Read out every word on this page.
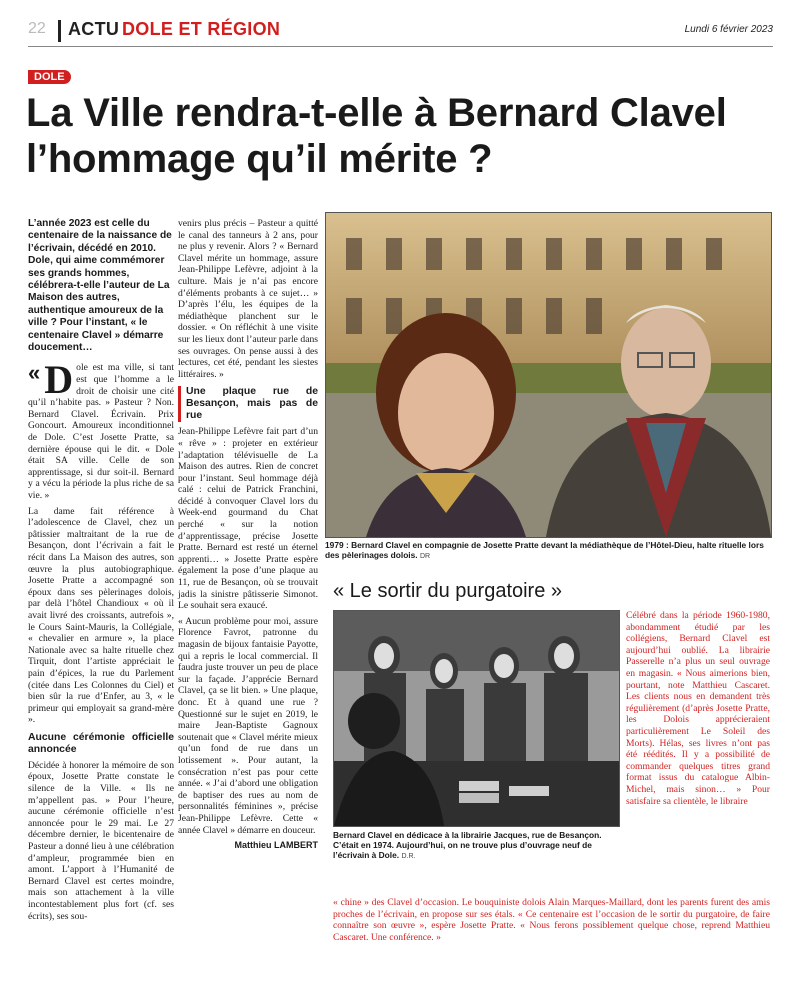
22 ACTU DOLE ET RÉGION	Lundi 6 février 2023
DOLE
La Ville rendra-t-elle à Bernard Clavel l’hommage qu’il mérite ?

L’année 2023 est celle du centenaire de la naissance de l’écrivain, décédé en 2010. Dole, qui aime commémorer ses grands hommes, célébrera-t-elle l’auteur de La Maison des autres, authentique amoureux de la ville ? Pour l’instant, « le centenaire Clavel » démarre doucement…

« D ole est ma ville, si tant est que l’homme a le droit de choisir une cité qu’il n’habite pas. » Pasteur ? Non. Bernard Clavel. Écrivain. Prix Goncourt. Amoureux inconditionnel de Dole. C’est Josette Pratte, sa dernière épouse qui le dit. « Dole était SA ville. Celle de son apprentissage, si dur soit-il. Bernard y a vécu la période la plus riche de sa vie. »

La dame fait référence à l’adolescence de Clavel, chez un pâtissier maltraitant de la rue de Besançon, dont l’écrivain a fait le récit dans La Maison des autres, son œuvre la plus autobiographique. Josette Pratte a accompagné son époux dans ses pèlerinages dolois, par delà l’hôtel Chandioux « où il avait livré des croissants, autrefois », le Cours Saint-Mauris, la Collégiale, « chevalier en armure », la place Nationale avec sa halte rituelle chez Tirquit, dont l’artiste appréciait le pain d’épices, la rue du Parlement (citée dans Les Colonnes du Ciel) et bien sûr la rue d’Enfer, au 3, « le primeur qui employait sa grand-mère ».

Aucune cérémonie officielle annoncée

Décidée à honorer la mémoire de son époux, Josette Pratte constate le silence de la Ville. « Ils ne m’appellent pas. » Pour l’heure, aucune cérémonie officielle n’est annoncée pour le 29 mai. Le 27 décembre dernier, le bicentenaire de Pasteur a donné lieu à une célébration d’ampleur, programmée bien en amont. L’apport à l’Humanité de Bernard Clavel est certes moindre, mais son attachement à la ville incontestablement plus fort (cf. ses écrits), ses sou-

venirs plus précis – Pasteur a quitté le canal des tanneurs à 2 ans, pour ne plus y revenir. Alors ? « Bernard Clavel mérite un hommage, assure Jean-Philippe Lefèvre, adjoint à la culture. Mais je n’ai pas encore d’éléments probants à ce sujet… » D’après l’élu, les équipes de la médiathèque planchent sur le dossier. « On réfléchit à une visite sur les lieux dont l’auteur parle dans ses ouvrages. On pense aussi à des lectures, cet été, pendant les siestes littéraires. »

Une plaque rue de Besançon, mais pas de rue

Jean-Philippe Lefèvre fait part d’un « rêve » : projeter en extérieur l’adaptation télévisuelle de La Maison des autres. Rien de concret pour l’instant. Seul hommage déjà calé : celui de Patrick Franchini, décidé à convoquer Clavel lors du Week-end gourmand du Chat perché « sur la notion d’apprentissage, précise Josette Pratte. Bernard est resté un éternel apprenti… » Josette Pratte espère également la pose d’une plaque au 11, rue de Besançon, où se trouvait jadis la sinistre pâtisserie Simonot. Le souhait sera exaucé.

« Aucun problème pour moi, assure Florence Favrot, patronne du magasin de bijoux fantaisie Payotte, qui a repris le local commercial. Il faudra juste trouver un peu de place sur la façade. J’apprécie Bernard Clavel, ça se lit bien. » Une plaque, donc. Et à quand une rue ? Questionné sur le sujet en 2019, le maire Jean-Baptiste Gagnoux soutenait que « Clavel mérite mieux qu’un fond de rue dans un lotissement ». Pour autant, la consécration n’est pas pour cette année. « J’ai d’abord une obligation de baptiser des rues au nom de personnalités féminines », précise Jean-Philippe Lefèvre. Cette « année Clavel » démarre en douceur.

Matthieu LAMBERT
1979 : Bernard Clavel en compagnie de Josette Pratte devant la médiathèque de l’Hôtel-Dieu, halte rituelle lors des pèlerinages dolois. DR
« Le sortir du purgatoire »
Bernard Clavel en dédicace à la librairie Jacques, rue de Besançon. C’était en 1974. Aujourd’hui, on ne trouve plus d’ouvrage neuf de l’écrivain à Dole. D.R.

Célébré dans la période 1960-1980, abondamment étudié par les collégiens, Bernard Clavel est aujourd’hui oublié. La librairie Passerelle n’a plus un seul ouvrage en magasin. « Nous aimerions bien, pourtant, note Matthieu Cascaret. Les clients nous en demandent très régulièrement (d’après Josette Pratte, les Dolois apprécieraient particulièrement Le Soleil des Morts). Hélas, ses livres n’ont pas été réédités. Il y a possibilité de commander quelques titres grand format issus du catalogue Albin-Michel, mais sinon… » Pour satisfaire sa clientèle, le libraire

« chine » des Clavel d’occasion. Le bouquiniste dolois Alain Marques-Maillard, dont les parents furent des amis proches de l’écrivain, en propose sur ses étals. « Ce centenaire est l’occasion de le sortir du purgatoire, de faire connaître son œuvre », espère Josette Pratte. « Nous ferons possiblement quelque chose, reprend Matthieu Cascaret. Une conférence. »
